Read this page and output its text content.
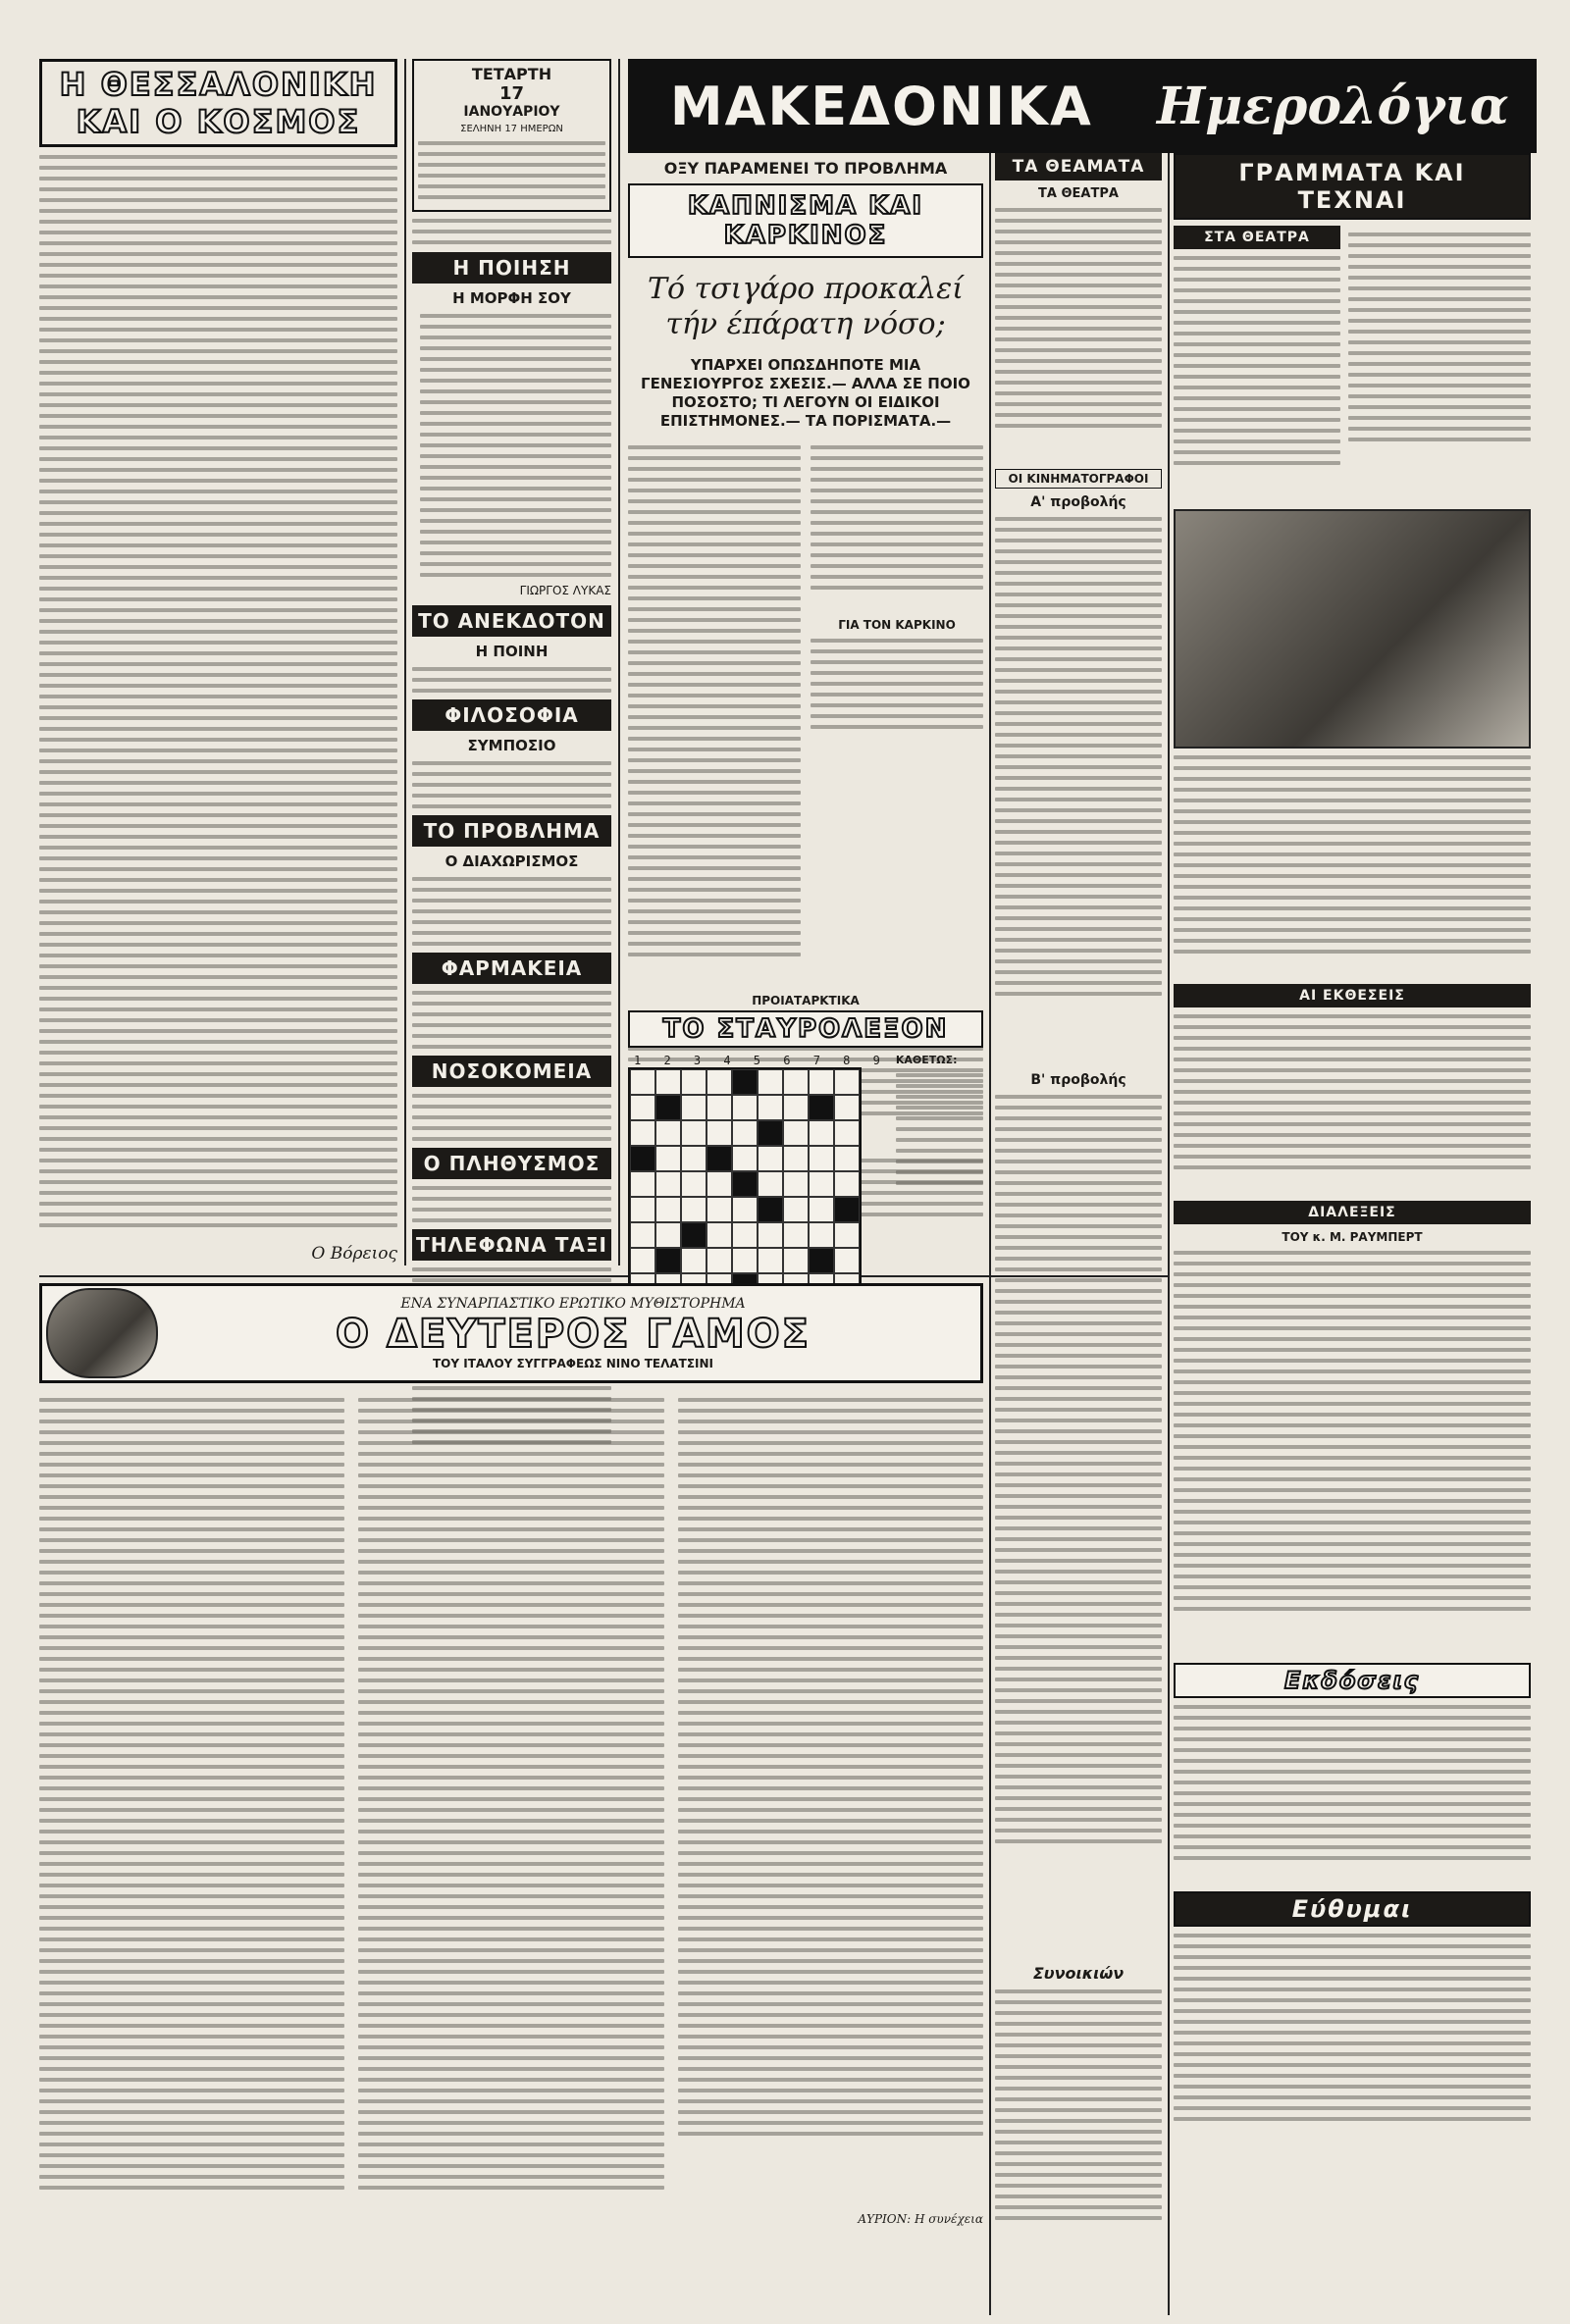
Η ΘΕΣΣΑΛΟΝΙΚΗ ΚΑΙ Ο ΚΟΣΜΟΣ
Ο Βόρειος
ΤΕΤΑΡΤΗ
17
ΙΑΝΟΥΑΡΙΟΥ
ΣΕΛΗΝΗ 17 ΗΜΕΡΩΝ
Η ΠΟΙΗΣΗ
Η ΜΟΡΦΗ ΣΟΥ
ΓΙΩΡΓΟΣ ΛΥΚΑΣ
ΤΟ ΑΝΕΚΔΟΤΟΝ
Η ΠΟΙΝΗ
ΦΙΛΟΣΟΦΙΑ
ΣΥΜΠΟΣΙΟ
ΤΟ ΠΡΟΒΛΗΜΑ
Ο ΔΙΑΧΩΡΙΣΜΟΣ
ΦΑΡΜΑΚΕΙΑ
ΝΟΣΟΚΟΜΕΙΑ
Ο ΠΛΗΘΥΣΜΟΣ
ΤΗΛΕΦΩΝΑ ΤΑΞΙ
ΜΑΚΕΔΟΝΙΚΑ	Ημερολόγια
ΟΞΥ ΠΑΡΑΜΕΝΕΙ ΤΟ ΠΡΟΒΛΗΜΑ
ΚΑΠΝΙΣΜΑ ΚΑΙ ΚΑΡΚΙΝΟΣ
Τό τσιγάρο προκαλεί τήν έπάρατη νόσο;
ΥΠΑΡΧΕΙ ΟΠΩΣΔΗΠΟΤΕ ΜΙΑ ΓΕΝΕΣΙΟΥΡΓΟΣ ΣΧΕΣΙΣ.— ΑΛΛΑ ΣΕ ΠΟΙΟ ΠΟΣΟΣΤΟ; ΤΙ ΛΕΓΟΥΝ ΟΙ ΕΙΔΙΚΟΙ ΕΠΙΣΤΗΜΟΝΕΣ.— ΤΑ ΠΟΡΙΣΜΑΤΑ.—
ΓΙΑ ΤΟΝ ΚΑΡΚΙΝΟ
ΠΡΟΙΑΤΑΡΚΤΙΚΑ
ΤΟ ΣΤΑΥΡΟΛΕΞΟΝ
1 2 3 4 5 6 7 8 9 ΚΑΘΕΤΩΣ:
ΤΑ ΘΕΑΜΑΤΑ
ΤΑ ΘΕΑΤΡΑ
ΟΙ ΚΙΝΗΜΑΤΟΓΡΑΦΟΙ
Α' προβολής
Β' προβολής
Συνοικιών
ΓΡΑΜΜΑΤΑ ΚΑΙ ΤΕΧΝΑΙ
ΣΤΑ ΘΕΑΤΡΑ
ΑΙ ΕΚΘΕΣΕΙΣ
ΔΙΑΛΕΞΕΙΣ
ΤΟΥ κ. Μ. ΡΑΥΜΠΕΡΤ
Εκδόσεις
Εύθυμαι
ΕΝΑ ΣΥΝΑΡΠΑΣΤΙΚΟ ΕΡΩΤΙΚΟ ΜΥΘΙΣΤΟΡΗΜΑ
Ο ΔΕΥΤΕΡΟΣ ΓΑΜΟΣ
ΤΟΥ ΙΤΑΛΟΥ ΣΥΓΓΡΑΦΕΩΣ ΝΙΝΟ ΤΕΛΑΤΣΙΝΙ
ΑΥΡΙΟΝ: Η συνέχεια
